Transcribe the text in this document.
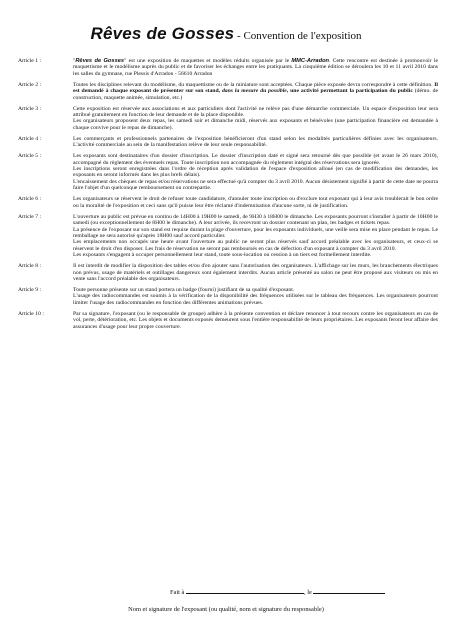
Rêves de Gosses - Convention de l'exposition
Article 1 :	"Rêves de Gosses" est une exposition de maquettes et modèles réduits organisée par le MMC-Arradon. Cette rencontre est destinée à promouvoir le maquettisme et le modélisme auprès du public et de favoriser les échanges entre les pratiquants. La cinquième édition se déroulera les 10 et 11 avril 2010 dans les salles du gymnase, rue Plessis d'Arradon - 56610 Arradon

Article 2 :	Toutes les disciplines relevant du modélisme, du maquettisme ou de la miniature sont acceptées. Chaque pièce exposée devra correspondre à cette définition. Il est demandé à chaque exposant de présenter sur son stand, dans la mesure du possible, une activité permettant la participation du public (démo. de construction, maquette animée, simulation, etc.)

Article 3 :	Cette exposition est réservée aux associations et aux particuliers dont l'activité ne relève pas d'une démarche commerciale. Un espace d'exposition leur sera attribué gratuitement en fonction de leur demande et de la place disponible.

Les organisateurs proposent deux repas, les samedi soir et dimanche midi, réservés aux exposants et bénévoles (une participation financière est demandée à chaque convive pour le repas de dimanche).

Article 4 :	Les commerçants et professionnels partenaires de l'exposition bénéficieront d'un stand selon les modalités particulières définies avec les organisateurs. L'activité commerciale au sein de la manifestation relève de leur seule responsabilité.

Article 5 :	Les exposants sont destinataires d'un dossier d'inscription. Le dossier d'inscription daté et signé sera retourné dès que possible (et avant le 26 mars 2010), accompagné du règlement des éventuels repas. Toute inscription non accompagnée du règlement intégral des réservations sera ignorée.

Les inscriptions seront enregistrées dans l'ordre de réception après validation de l'espace d'exposition alloué (en cas de modification des demandes, les exposants en seront informés dans les plus brefs délais).

L'encaissement des chèques de repas et/ou réservations ne sera effectué qu'à compter du 3 avril 2010. Aucun désistement signifié à partir de cette date ne pourra faire l'objet d'un quelconque remboursement ou contrepartie.

Article 6 :	Les organisateurs se réservent le droit de refuser toute candidature, d'annuler toute inscription ou d'exclure tout exposant qui à leur avis troublerait le bon ordre ou la moralité de l'exposition et ceci sans qu'il puisse leur être réclamé d'indemnisation d'aucune sorte, ni de justification.

Article 7 :	L'ouverture au public est prévue en continu de 14H00 à 19H00 le samedi, de 9H30 à 18H00 le dimanche. Les exposants pourront s'installer à partir de 10H00 le samedi (ou exceptionnellement de 8H00 le dimanche). A leur arrivée, ils recevront un dossier contenant un plan, les badges et tickets repas.

La présence de l'exposant sur son stand est requise durant la plage d'ouverture, pour les exposants individuels, une veille sera mise en place pendant le repas. Le remballage ne sera autorisé qu'après 18H00 sauf accord particulier.

Les emplacements non occupés une heure avant l'ouverture au public ne seront plus réservés sauf accord préalable avec les organisateurs, et ceux-ci se réservent le droit d'en disposer. Les frais de réservation ne seront pas remboursés en cas de défection d'un exposant à compter du 3 avril 2010.

Les exposants s'engagent à occuper personnellement leur stand, toute sous-location ou cession à un tiers est formellement interdite.

Article 8 :	Il est interdit de modifier la disposition des tables et/ou d'en ajouter sans l'autorisation des organisateurs. L'affichage sur les murs, les branchements électriques non prévus, usage de matériels et outillages dangereux sont également interdits. Aucun article présenté au salon ne peut être proposé aux visiteurs ou mis en vente sans l'accord préalable des organisateurs.

Article 9 :	Toute personne présente sur un stand portera un badge (fourni) justifiant de sa qualité d'exposant.

L'usage des radiocommandes est soumis à la vérification de la disponibilité des fréquences utilisées sur le tableau des fréquences. Les organisateurs pourront limiter l'usage des radiocommandes en fonction des différentes animations prévues.

Article 10 :	Par sa signature, l'exposant (ou le responsable de groupe) adhère à la présente convention et déclare renoncer à tout recours contre les organisateurs en cas de vol, perte, détérioration, etc. Les objets et documents exposés demeurent sous l'entière responsabilité de leurs propriétaires. Les exposants feront leur affaire des assurances d'usage pour leur propre couverture.

Fait à	, le
Nom et signature de l'exposant (ou qualité, nom et signature du responsable)
